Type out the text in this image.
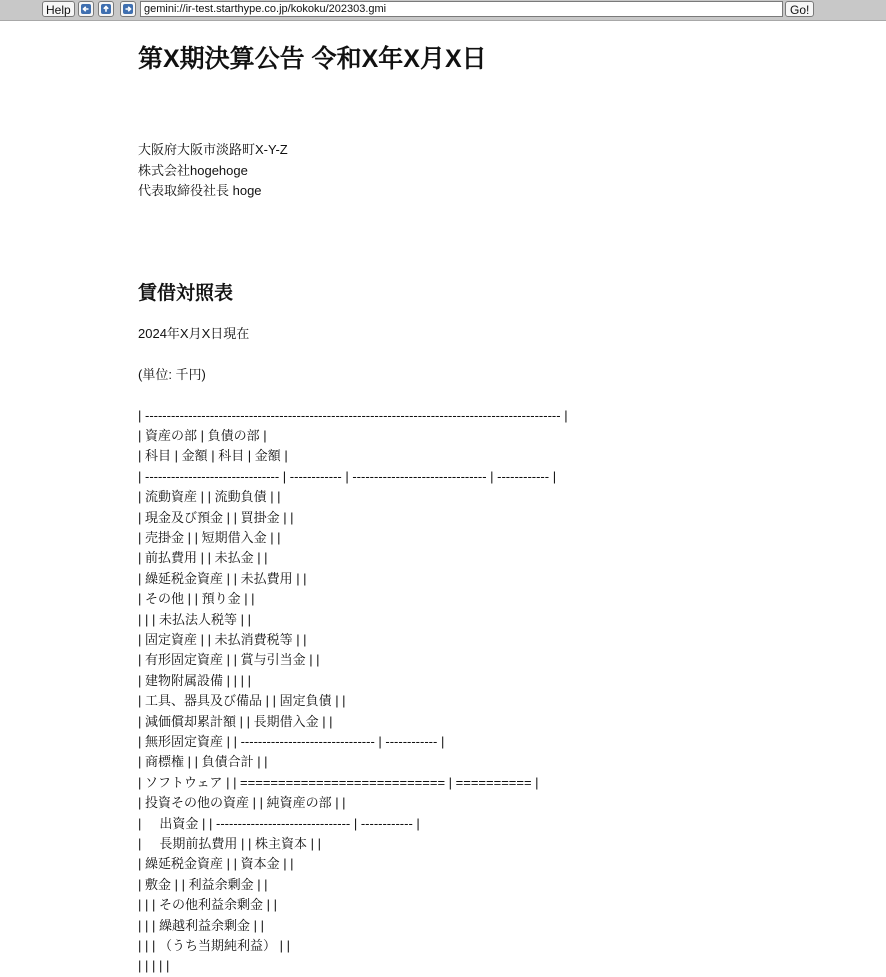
Help
gemini://ir-test.starthype.co.jp/kokoku/202303.gmi	Go!
第X期決算公告 令和X年X月X日
大阪府大阪市淡路町X-Y-Z
株式会社hogehoge
代表取締役社長 hoge
賃借対照表
2024年X月X日現在
(単位: 千円)
| ------------------------------------------------------------------------------------------------ |
| 資産の部 | 負債の部 |
| 科目 | 金額 | 科目 | 金額 |
| ------------------------------- | ------------ | ------------------------------- | ------------ |
| 流動資産 | | 流動負債 | |
| 現金及び預金 | | 買掛金 | |
| 売掛金 | | 短期借入金 | |
| 前払費用 | | 未払金 | |
| 繰延税金資産 | | 未払費用 | |
| その他 | | 預り金 | |
| | | 未払法人税等 | |
| 固定資産 | | 未払消費税等 | |
| 有形固定資産 | | 賞与引当金 | |
| 建物附属設備 | | | |
| 工具、器具及び備品 | | 固定負債 | |
| 減価償却累計額 | | 長期借入金 | |
| 無形固定資産 | | ------------------------------- | ------------ |
| 商標権 | | 負債合計 | |
| ソフトウェア | | =========================== | ========== |
| 投資その他の資産 | | 純資産の部 | |
|     出資金 | | ------------------------------- | ------------ |
|     長期前払費用 | | 株主資本 | |
| 繰延税金資産 | | 資本金 | |
| 敷金 | | 利益余剰金 | |
| | | その他利益余剰金 | |
| | | 繰越利益余剰金 | |
| | | （うち当期純利益） | |
| | | | |
